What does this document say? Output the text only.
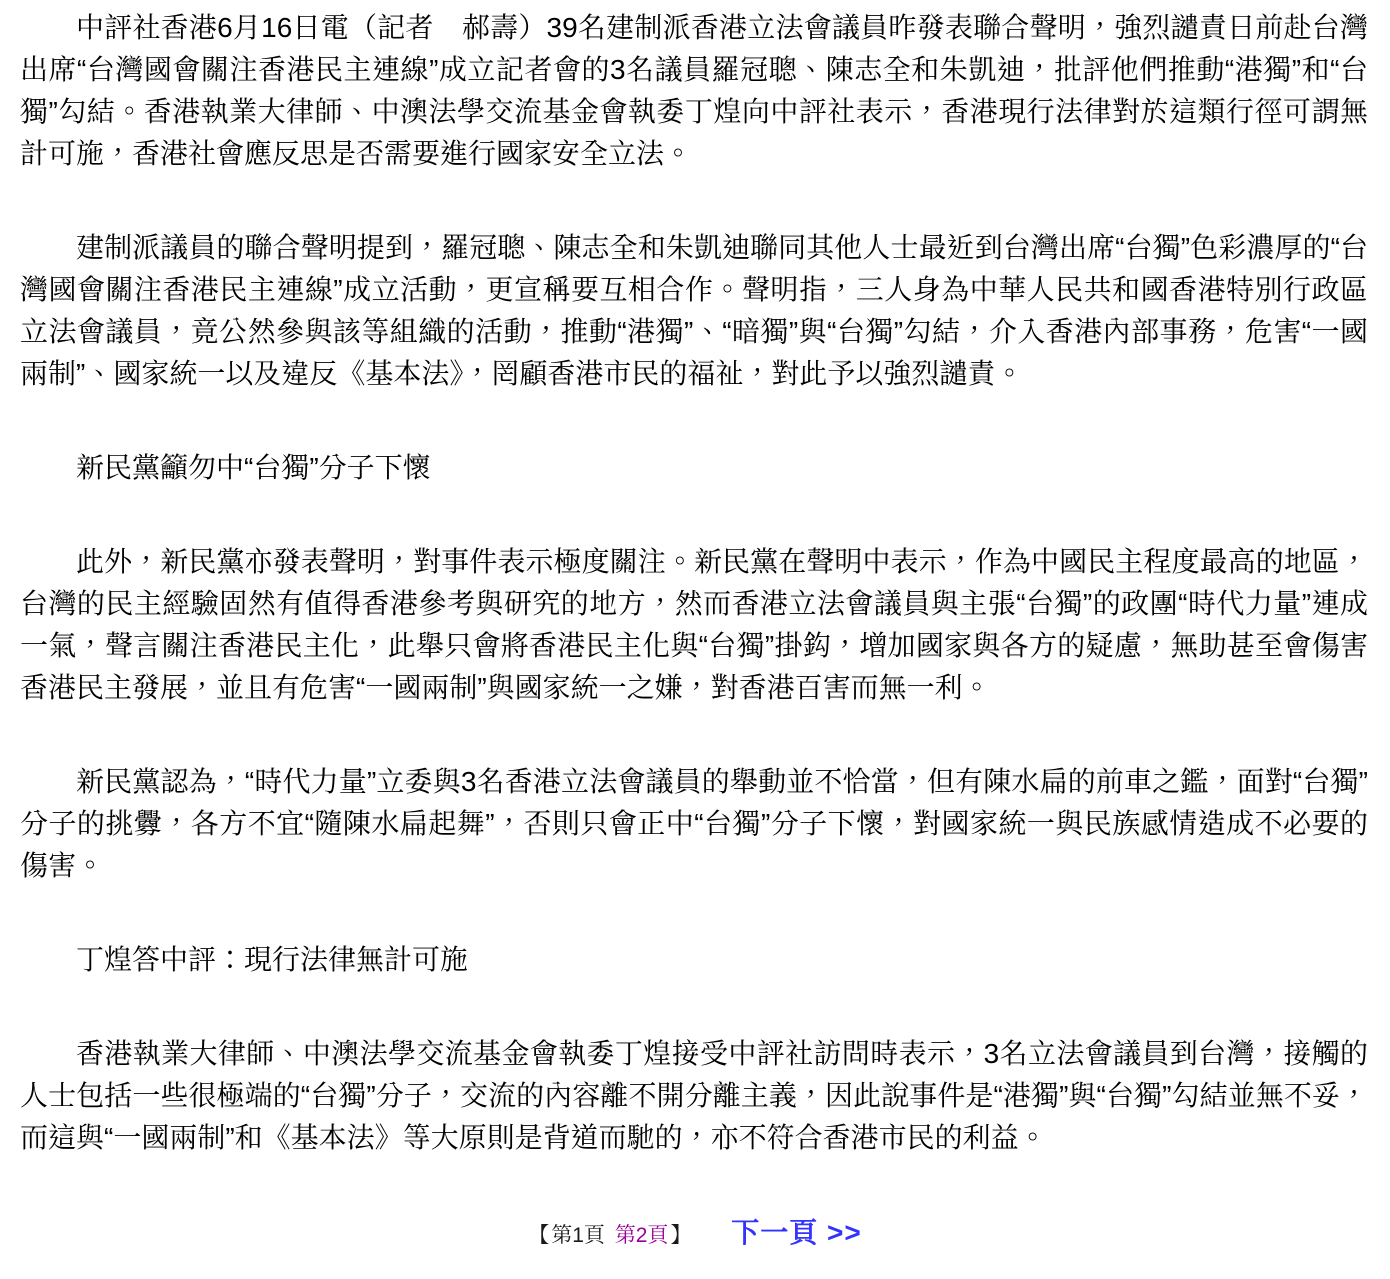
中評社香港6月16日電（記者　郝壽）39名建制派香港立法會議員昨發表聯合聲明，強烈譴責日前赴台灣出席“台灣國會關注香港民主連線”成立記者會的3名議員羅冠聰、陳志全和朱凱迪，批評他們推動“港獨”和“台獨”勾結。香港執業大律師、中澳法學交流基金會執委丁煌向中評社表示，香港現行法律對於這類行徑可謂無計可施，香港社會應反思是否需要進行國家安全立法。

建制派議員的聯合聲明提到，羅冠聰、陳志全和朱凱迪聯同其他人士最近到台灣出席“台獨”色彩濃厚的“台灣國會關注香港民主連線”成立活動，更宣稱要互相合作。聲明指，三人身為中華人民共和國香港特別行政區立法會議員，竟公然參與該等組織的活動，推動“港獨”、“暗獨”與“台獨”勾結，介入香港內部事務，危害“一國兩制”、國家統一以及違反《基本法》，罔顧香港市民的福祉，對此予以強烈譴責。

新民黨籲勿中“台獨”分子下懷

此外，新民黨亦發表聲明，對事件表示極度關注。新民黨在聲明中表示，作為中國民主程度最高的地區，台灣的民主經驗固然有值得香港參考與研究的地方，然而香港立法會議員與主張“台獨”的政團“時代力量”連成一氣，聲言關注香港民主化，此舉只會將香港民主化與“台獨”掛鈎，增加國家與各方的疑慮，無助甚至會傷害香港民主發展，並且有危害“一國兩制”與國家統一之嫌，對香港百害而無一利。

新民黨認為，“時代力量”立委與3名香港立法會議員的舉動並不恰當，但有陳水扁的前車之鑑，面對“台獨”分子的挑釁，各方不宜“隨陳水扁起舞”，否則只會正中“台獨”分子下懷，對國家統一與民族感情造成不必要的傷害。

丁煌答中評：現行法律無計可施

香港執業大律師、中澳法學交流基金會執委丁煌接受中評社訪問時表示，3名立法會議員到台灣，接觸的人士包括一些很極端的“台獨”分子，交流的內容離不開分離主義，因此說事件是“港獨”與“台獨”勾結並無不妥，而這與“一國兩制”和《基本法》等大原則是背道而馳的，亦不符合香港市民的利益。

【第1頁 第2頁】 下一頁 >>
